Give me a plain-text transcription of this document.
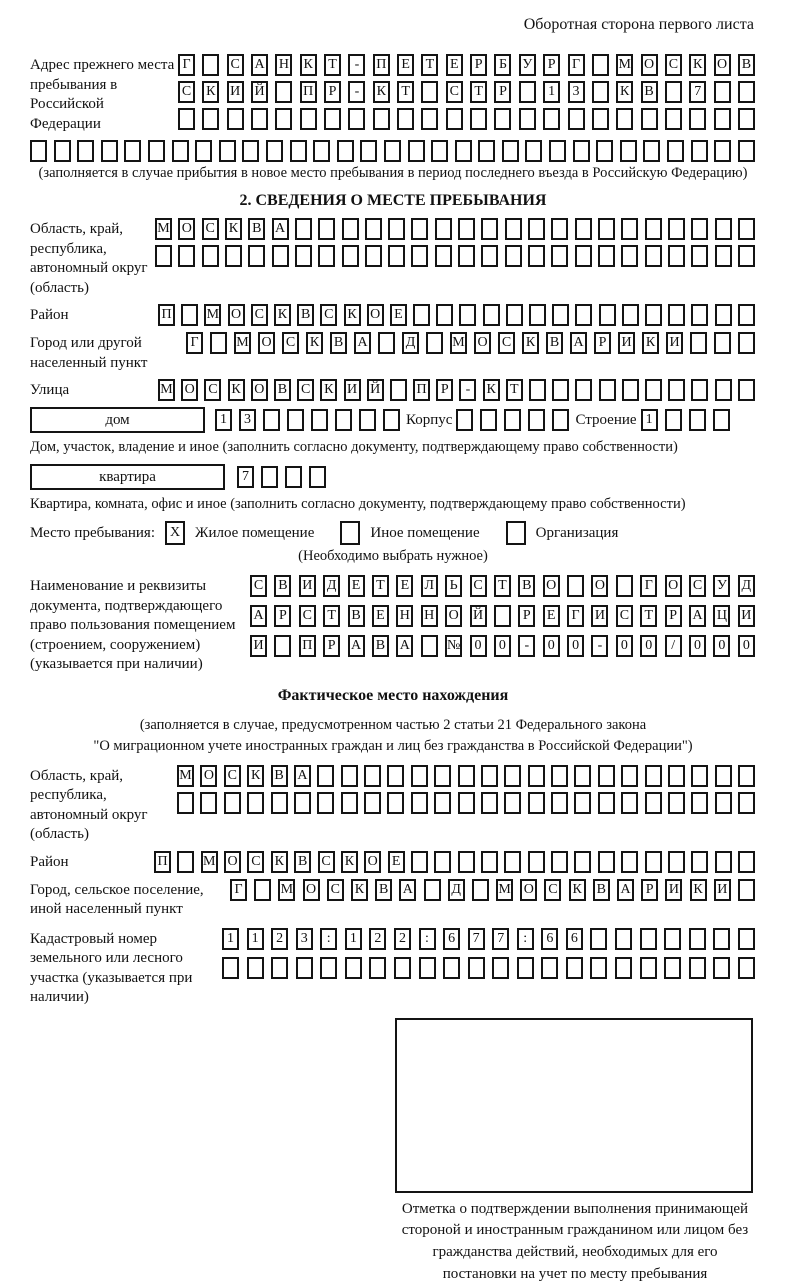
Оборотная сторона первого листа
Адрес прежнего места пребывания в Российской Федерации
Г	С А Н К	Т	-	П	Е	Т	Е	Р	Б	У	Р	Г	М О С К О В
С К И Й	П	Р	-	К	Т	С	Т	Р	1	3	К В	7
(заполняется в случае прибытия в новое место пребывания в период последнего въезда в Российскую Федерацию)
2. СВЕДЕНИЯ О МЕСТЕ ПРЕБЫВАНИЯ
Область, край, республика, автономный округ (область)
М О С К В А
Район	П	М О С К В С К О Е
Город или другой населенный пункт
Г	М О С К В А	Д	М О С К В А	Р	И К И
Улица	М О С К О В С К И Й	П	Р	-	К	Т
дом	1	3	Корпус	Строение 1
Дом, участок, владение и иное (заполнить согласно документу, подтверждающему право собственности)
квартира	7
Квартира, комната, офис и иное (заполнить согласно документу, подтверждающему право собственности)
Место пребывания:	X Жилое помещение	Иное помещение	Организация
(Необходимо выбрать нужное)
Наименование и реквизиты документа, подтверждающего право пользования помещением (строением, сооружением) (указывается при наличии)
С В И Д	Е	Т	Е	Л	Ь	С	Т	В О	О	Г	О С У Д
А	Р	С	Т	В	Е	Н Н О Й	Р	Е	Г	И С	Т	Р	А Ц И
И	П	Р	А В А	№	0	0	-	0	0	-	0	0	/	0	0	0
Фактическое место нахождения
(заполняется в случае, предусмотренном частью 2 статьи 21 Федерального закона
"О миграционном учете иностранных граждан и лиц без гражданства в Российской Федерации")
Область, край, республика, автономный округ (область)
М О С К В А
Район	П	М О С К В С К О	Е
Город, сельское поселение, иной населенный пункт
Г	М О С К В А	Д	М О С К В А	Р	И К И
Кадастровый номер земельного или лесного участка (указывается при наличии)
1	1	2	3	:	1	2	2	:	6	7	7	:	6	6
Отметка о подтверждении выполнения принимающей стороной и иностранным гражданином или лицом без гражданства действий, необходимых для его постановки на учет по месту пребывания
